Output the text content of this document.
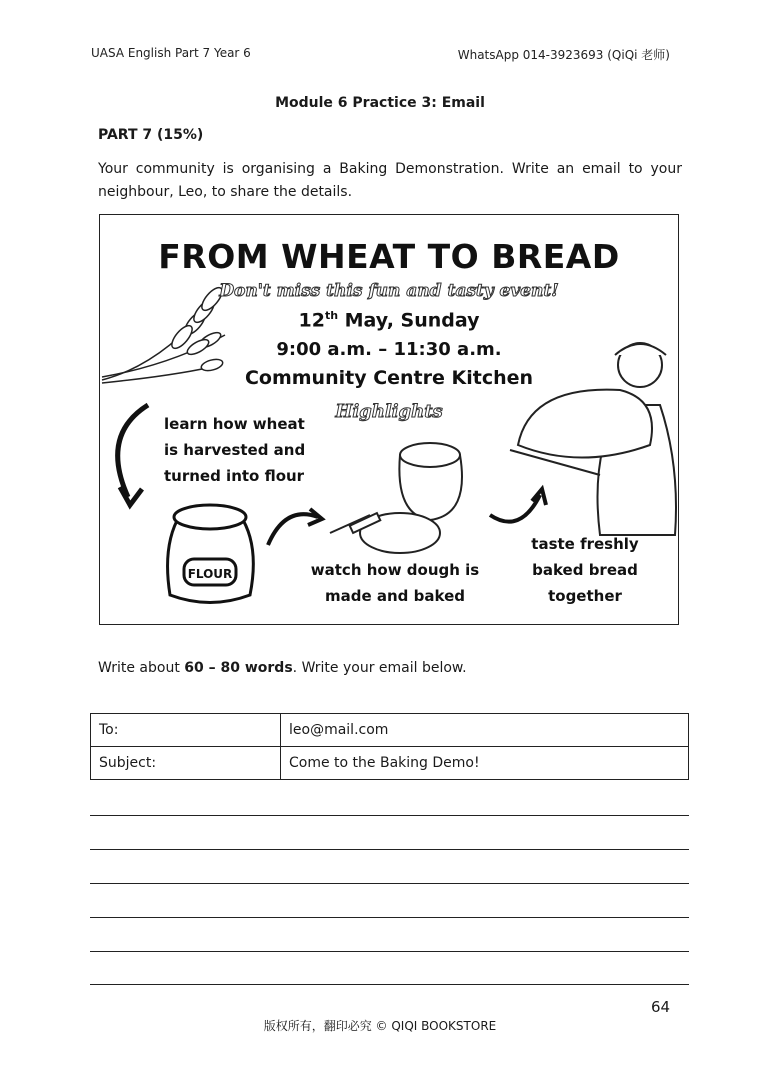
UASA English Part 7 Year 6	WhatsApp 014-3923693 (QiQi 老师)
Module 6 Practice 3: Email
PART 7 (15%)
Your community is organising a Baking Demonstration. Write an email to your neighbour, Leo, to share the details.
FLOUR
FROM WHEAT TO BREAD
Don't miss this fun and tasty event!
12th May, Sunday
9:00 a.m. – 11:30 a.m.
Community Centre Kitchen
Highlights
learn how wheat is harvested and turned into flour
watch how dough is made and baked
taste freshly baked bread together
Write about 60 – 80 words. Write your email below.
To:	leo@mail.com
Subject:	Come to the Baking Demo!
64
版权所有，翻印必究 © QIQI BOOKSTORE
